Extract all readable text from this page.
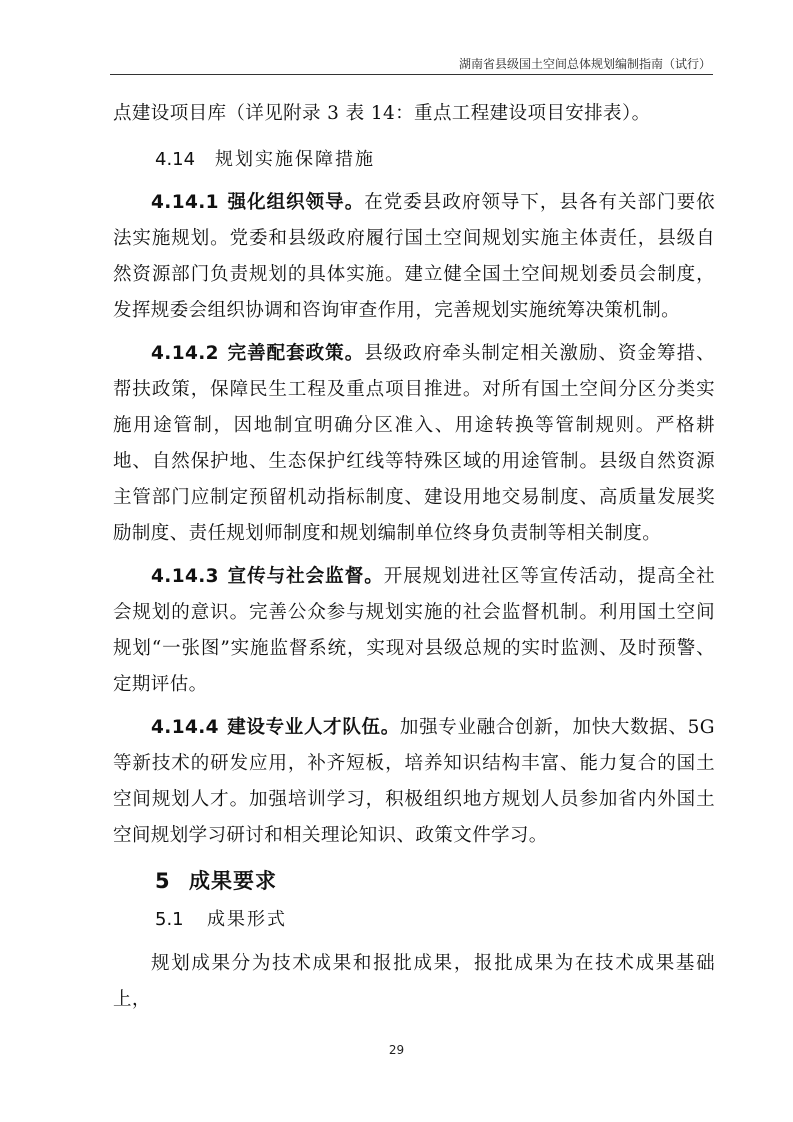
湖南省县级国土空间总体规划编制指南（试行）

点建设项目库（详见附录 3 表 14：重点工程建设项目安排表）。

4.14 规划实施保障措施

4.14.1 强化组织领导。在党委县政府领导下，县各有关部门要依法实施规划。党委和县级政府履行国土空间规划实施主体责任，县级自然资源部门负责规划的具体实施。建立健全国土空间规划委员会制度，发挥规委会组织协调和咨询审查作用，完善规划实施统筹决策机制。

4.14.2 完善配套政策。县级政府牵头制定相关激励、资金筹措、帮扶政策，保障民生工程及重点项目推进。对所有国土空间分区分类实施用途管制，因地制宜明确分区准入、用途转换等管制规则。严格耕地、自然保护地、生态保护红线等特殊区域的用途管制。县级自然资源主管部门应制定预留机动指标制度、建设用地交易制度、高质量发展奖励制度、责任规划师制度和规划编制单位终身负责制等相关制度。

4.14.3 宣传与社会监督。开展规划进社区等宣传活动，提高全社会规划的意识。完善公众参与规划实施的社会监督机制。利用国土空间规划“一张图”实施监督系统，实现对县级总规的实时监测、及时预警、定期评估。

4.14.4 建设专业人才队伍。加强专业融合创新，加快大数据、5G 等新技术的研发应用，补齐短板，培养知识结构丰富、能力复合的国土空间规划人才。加强培训学习，积极组织地方规划人员参加省内外国土空间规划学习研讨和相关理论知识、政策文件学习。

5 成果要求
5.1 成果形式

规划成果分为技术成果和报批成果，报批成果为在技术成果基础上，

29
